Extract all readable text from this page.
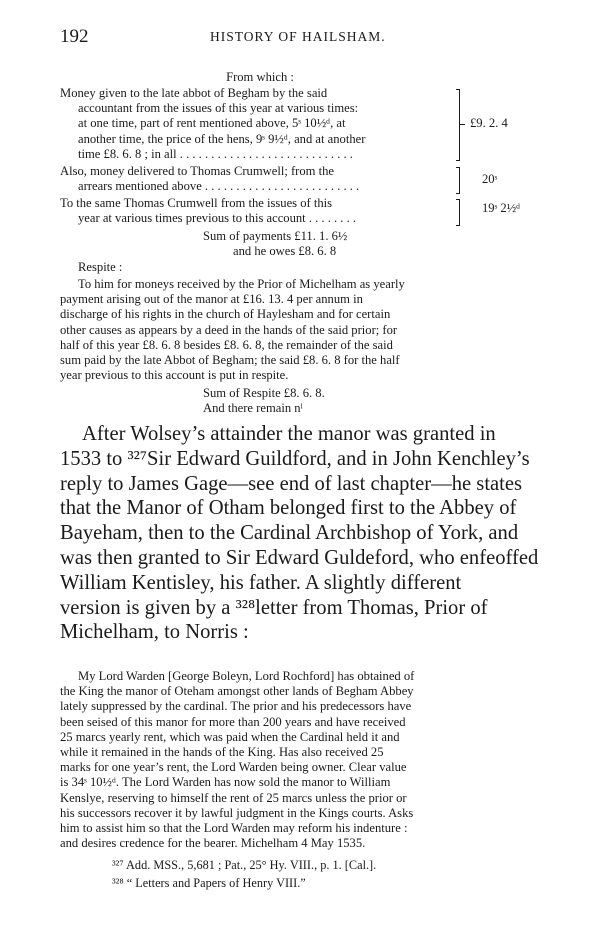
192	HISTORY OF HAILSHAM.
From which :

Money given to the late abbot of Begham by the said

accountant from the issues of this year at various times:

at one time, part of rent mentioned above, 5ˢ 10½ᵈ, at

another time, the price of the hens, 9ˢ 9½ᵈ, and at another

time £8. 6. 8 ; in all . . . . . . . . . . . . . . . . . . . . . . . . . . . .

£9. 2. 4

Also, money delivered to Thomas Crumwell; from the

arrears mentioned above . . . . . . . . . . . . . . . . . . . . . . . . .

20ˢ

To the same Thomas Crumwell from the issues of this

year at various times previous to this account . . . . . . . .

19ˢ 2½ᵈ
Sum of payments £11. 1. 6½
and he owes £8. 6. 8
Respite :

To him for moneys received by the Prior of Michelham as yearly

payment arising out of the manor at £16. 13. 4 per annum in

discharge of his rights in the church of Haylesham and for certain

other causes as appears by a deed in the hands of the said prior; for

half of this year £8. 6. 8 besides £8. 6. 8, the remainder of the said

sum paid by the late Abbot of Begham; the said £8. 6. 8 for the half

year previous to this account is put in respite.

Sum of Respite £8. 6. 8.
And there remain nˡ
After Wolsey’s attainder the manor was granted in
1533 to ³²⁷Sir Edward Guildford, and in John Kenchley’s
reply to James Gage—see end of last chapter—he states
that the Manor of Otham belonged first to the Abbey of
Bayeham, then to the Cardinal Archbishop of York, and
was then granted to Sir Edward Guldeford, who enfeoffed
William Kentisley, his father. A slightly different
version is given by a ³²⁸letter from Thomas, Prior of
Michelham, to Norris :

My Lord Warden [George Boleyn, Lord Rochford] has obtained of

the King the manor of Oteham amongst other lands of Begham Abbey

lately suppressed by the cardinal. The prior and his predecessors have

been seised of this manor for more than 200 years and have received

25 marcs yearly rent, which was paid when the Cardinal held it and

while it remained in the hands of the King. Has also received 25

marks for one year’s rent, the Lord Warden being owner. Clear value

is 34ˢ 10½ᵈ. The Lord Warden has now sold the manor to William

Kenslye, reserving to himself the rent of 25 marcs unless the prior or

his successors recover it by lawful judgment in the Kings courts. Asks

him to assist him so that the Lord Warden may reform his indenture :

and desires credence for the bearer. Michelham 4 May 1535.

³²⁷ Add. MSS., 5,681 ; Pat., 25° Hy. VIII., p. 1. [Cal.].
³²⁸ “ Letters and Papers of Henry VIII.”
